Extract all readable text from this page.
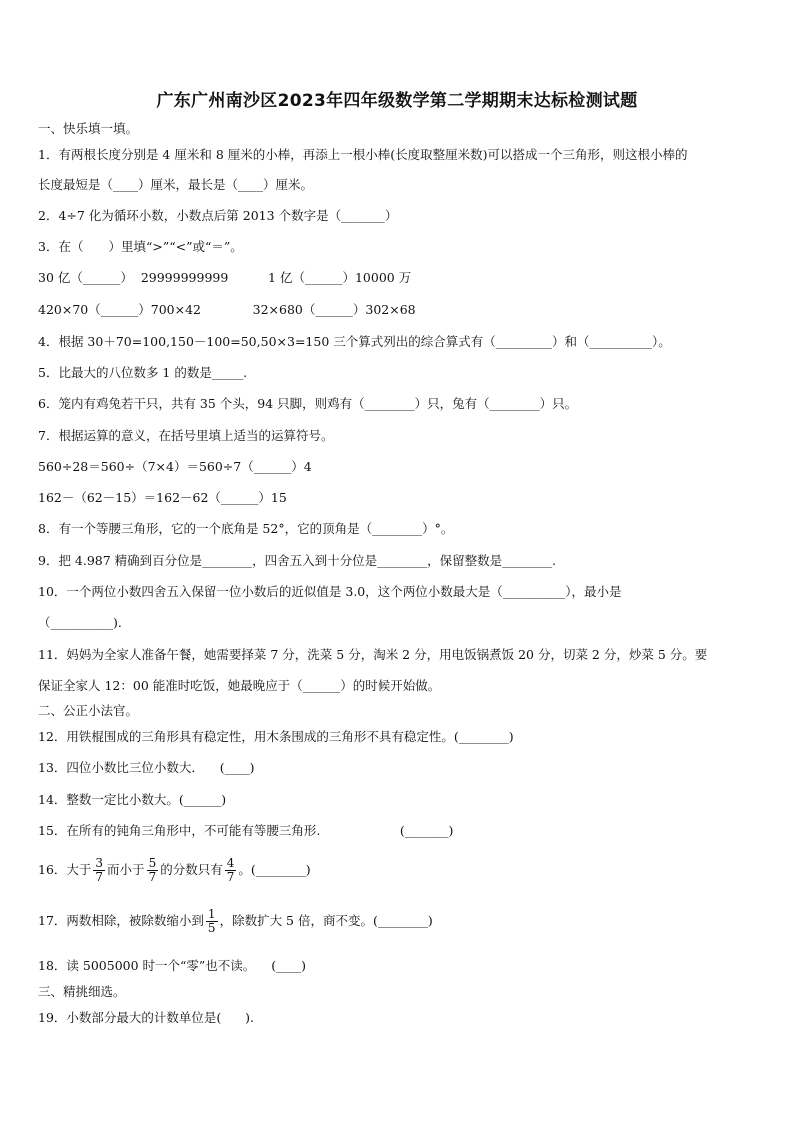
广东广州南沙区2023年四年级数学第二学期期末达标检测试题
一、快乐填一填。
1．有两根长度分别是 4 厘米和 8 厘米的小棒，再添上一根小棒(长度取整厘米数)可以搭成一个三角形，则这根小棒的
长度最短是（____）厘米，最长是（____）厘米。
2．4÷7 化为循环小数，小数点后第 2013 个数字是（_______）
3．在（　　）里填“>”“<”或“＝”。
30 亿（______）  29999999999          1 亿（______）10000 万
420×70（______）700×42             32×680（______）302×68
4．根据 30＋70=100,150－100=50,50×3=150 三个算式列出的综合算式有（_________）和（__________）。
5．比最大的八位数多 1 的数是_____.
6．笼内有鸡兔若干只，共有 35 个头，94 只脚，则鸡有（________）只，兔有（________）只。
7．根据运算的意义，在括号里填上适当的运算符号。
560÷28＝560÷（7×4）＝560÷7（______）4
162－（62－15）＝162－62（______）15
8．有一个等腰三角形，它的一个底角是 52°，它的顶角是（________）°。
9．把 4.987 精确到百分位是________，四舍五入到十分位是________，保留整数是________.
10．一个两位小数四舍五入保留一位小数后的近似值是 3.0，这个两位小数最大是（__________），最小是
（__________).
11．妈妈为全家人准备午餐，她需要择菜 7 分，洗菜 5 分，淘米 2 分，用电饭锅煮饭 20 分，切菜 2 分，炒菜 5 分。要
保证全家人 12：00 能准时吃饭，她最晚应于（______）的时候开始做。
二、公正小法官。
12．用铁棍围成的三角形具有稳定性，用木条围成的三角形不具有稳定性。(________)
13．四位小数比三位小数大．    (____)
14．整数一定比小数大。(______)
15．在所有的钝角三角形中，不可能有等腰三角形.                    (_______)
16．大于 $\frac{3}{7}$ 而小于 $\frac{5}{7}$ 的分数只有 $\frac{4}{7}$ 。(________)
17．两数相除，被除数缩小到 $\frac{1}{5}$ ，除数扩大 5 倍，商不变。(________)
18．读 5005000 时一个“零”也不读。    (____)
三、精挑细选。
19．小数部分最大的计数单位是(      ).
